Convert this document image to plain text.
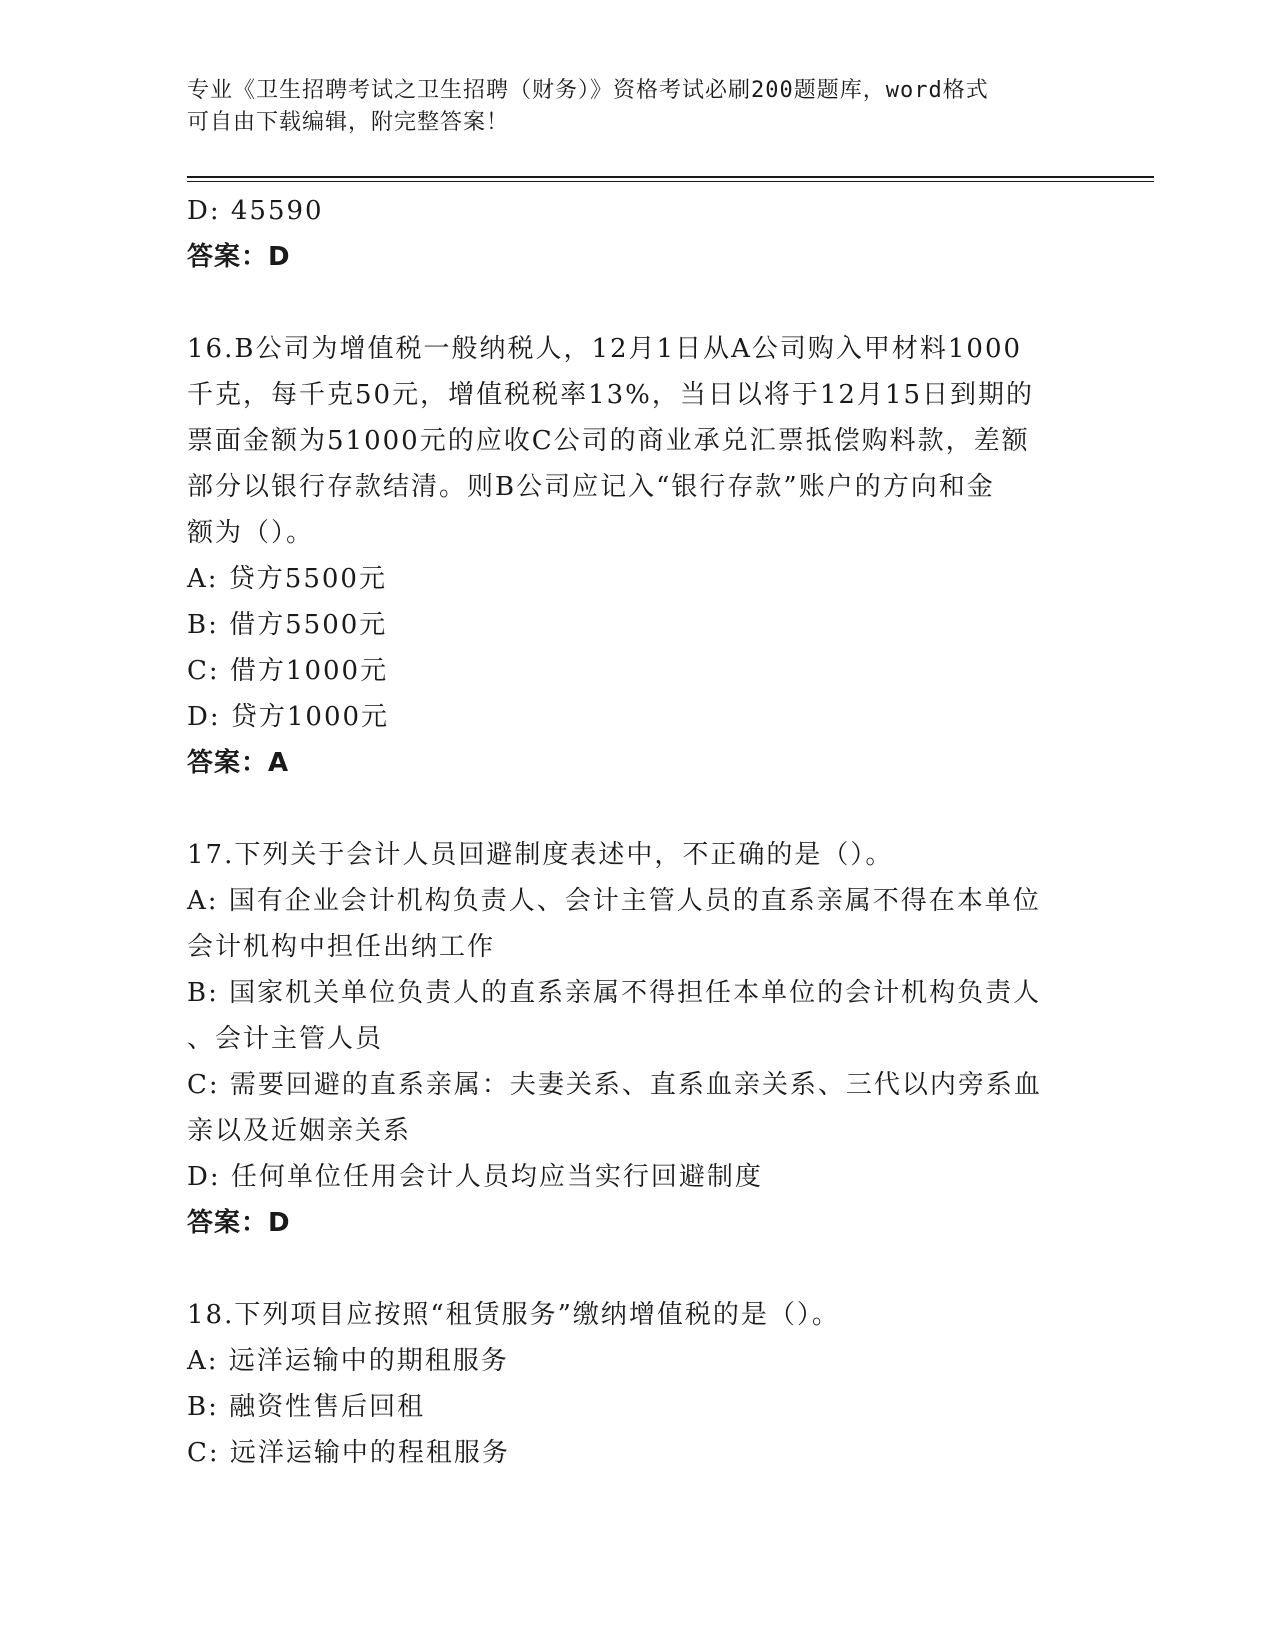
专业《卫生招聘考试之卫生招聘（财务）》资格考试必刷200题题库，word格式
可自由下载编辑，附完整答案！
D: 45590
答案：D
16.B公司为增值税一般纳税人，12月1日从A公司购入甲材料1000
千克，每千克50元，增值税税率13%，当日以将于12月15日到期的
票面金额为51000元的应收C公司的商业承兑汇票抵偿购料款，差额
部分以银行存款结清。则B公司应记入“银行存款”账户的方向和金
额为（）。
A: 贷方5500元
B: 借方5500元
C: 借方1000元
D: 贷方1000元
答案：A
17.下列关于会计人员回避制度表述中，不正确的是（）。
A: 国有企业会计机构负责人、会计主管人员的直系亲属不得在本单位
会计机构中担任出纳工作
B: 国家机关单位负责人的直系亲属不得担任本单位的会计机构负责人
、会计主管人员
C: 需要回避的直系亲属：夫妻关系、直系血亲关系、三代以内旁系血
亲以及近姻亲关系
D: 任何单位任用会计人员均应当实行回避制度
答案：D
18.下列项目应按照“租赁服务”缴纳增值税的是（）。
A: 远洋运输中的期租服务
B: 融资性售后回租
C: 远洋运输中的程租服务
